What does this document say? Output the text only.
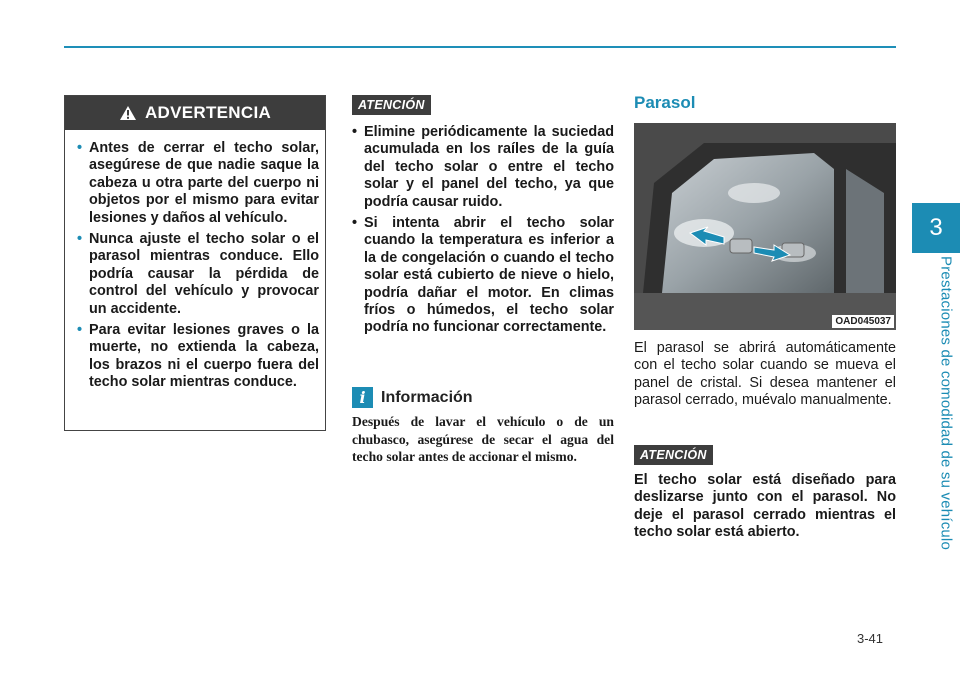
3
Prestaciones de comodidad de su vehículo
ADVERTENCIA
• Antes de cerrar el techo solar, asegúrese de que nadie saque la cabeza u otra parte del cuerpo ni objetos por el mismo para evitar lesiones y daños al vehículo.
• Nunca ajuste el techo solar o el parasol mientras conduce. Ello podría causar la pérdida de control del vehículo y provocar un accidente.
• Para evitar lesiones graves o la muerte, no extienda la cabeza, los brazos ni el cuerpo fuera del techo solar mientras conduce.
ATENCIÓN
• Elimine periódicamente la suciedad acumulada en los raíles de la guía del techo solar o entre el techo solar y el panel del techo, ya que podría causar ruido.
• Si intenta abrir el techo solar cuando la temperatura es inferior a la de congelación o cuando el techo solar está cubierto de nieve o hielo, podría dañar el motor. En climas fríos o húmedos, el techo solar podría no funcionar correctamente.
i Información

Después de lavar el vehículo o de un chubasco, asegúrese de secar el agua del techo solar antes de accionar el mismo.

Parasol
OAD045037

El parasol se abrirá automáticamente con el techo solar cuando se mueva el panel de cristal. Si desea mantener el parasol cerrado, muévalo manualmente.

ATENCIÓN

El techo solar está diseñado para deslizarse junto con el parasol. No deje el parasol cerrado mientras el techo solar está abierto.

3-41
